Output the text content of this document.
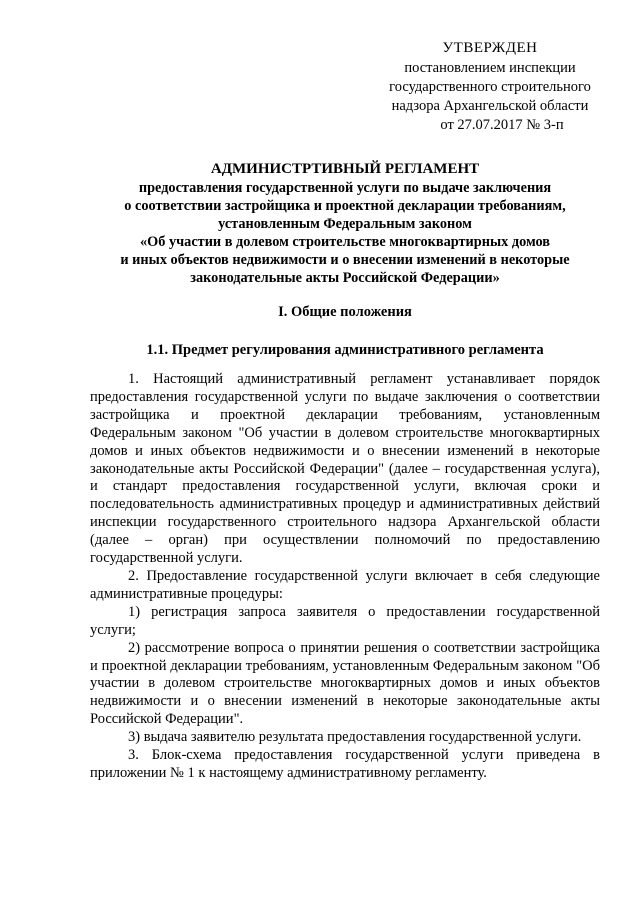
УТВЕРЖДЕН
постановлением инспекции
государственного строительного
надзора Архангельской области
от 27.07.2017 № 3-п
АДМИНИСТРТИВНЫЙ РЕГЛАМЕНТ
предоставления государственной услуги по выдаче заключения
о соответствии застройщика и проектной декларации требованиям,
установленным Федеральным законом
«Об участии в долевом строительстве многоквартирных домов
и иных объектов недвижимости и о внесении изменений в некоторые
законодательные акты Российской Федерации»
I. Общие положения
1.1. Предмет регулирования административного регламента

1. Настоящий административный регламент устанавливает порядок предоставления государственной услуги по выдаче заключения о соответствии застройщика и проектной декларации требованиям, установленным Федеральным законом "Об участии в долевом строительстве многоквартирных домов и иных объектов недвижимости и о внесении изменений в некоторые законодательные акты Российской Федерации" (далее – государственная услуга), и стандарт предоставления государственной услуги, включая сроки и последовательность административных процедур и административных действий инспекции государственного строительного надзора Архангельской области (далее – орган) при осуществлении полномочий по предоставлению государственной услуги.

2. Предоставление государственной услуги включает в себя следующие административные процедуры:

1) регистрация запроса заявителя о предоставлении государственной услуги;

2) рассмотрение вопроса о принятии решения о соответствии застройщика и проектной декларации требованиям, установленным Федеральным законом "Об участии в долевом строительстве многоквартирных домов и иных объектов недвижимости и о внесении изменений в некоторые законодательные акты Российской Федерации".

3) выдача заявителю результата предоставления государственной услуги.

3. Блок-схема предоставления государственной услуги приведена в приложении № 1 к настоящему административному регламенту.
